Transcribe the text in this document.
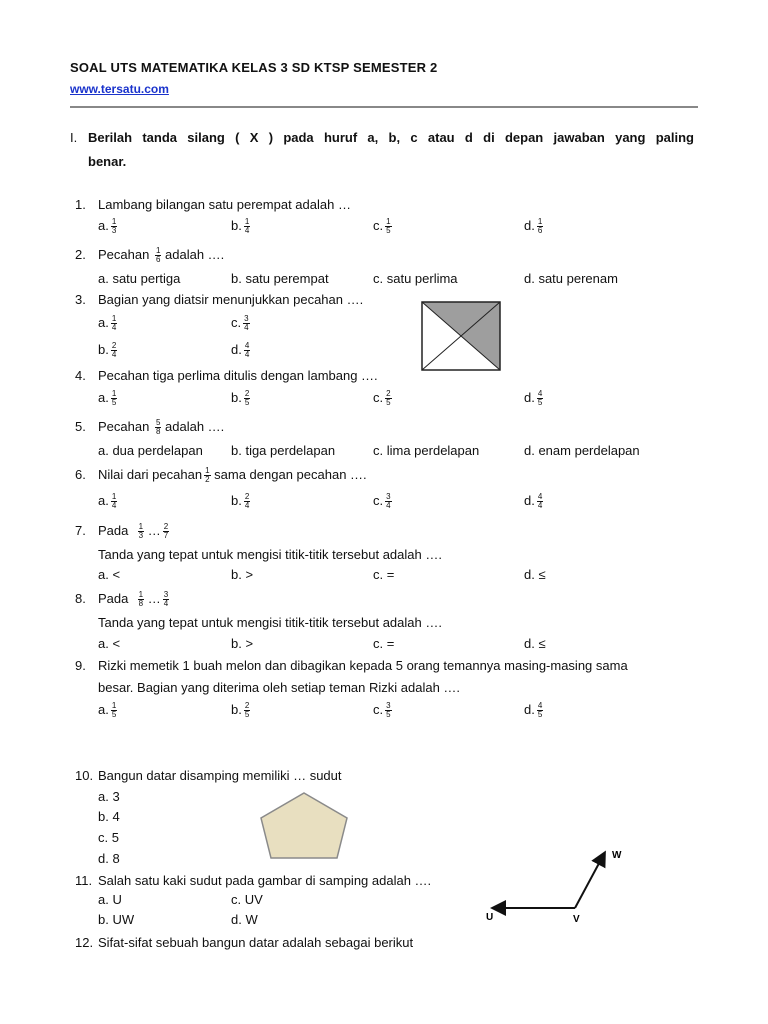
SOAL UTS MATEMATIKA KELAS 3 SD KTSP SEMESTER 2
www.tersatu.com
I. Berilah tanda silang ( X ) pada huruf a, b, c atau d di depan jawaban yang paling
benar.
1. Lambang bilangan satu perempat adalah …
a. $\frac{1}{3}$	b. $\frac{1}{4}$	c. $\frac{1}{5}$	d. $\frac{1}{6}$
2. Pecahan $\frac{1}{6}$ adalah ….
a. satu pertiga	b. satu perempat	c. satu perlima	d. satu perenam
3. Bagian yang diatsir menunjukkan pecahan ….
a. $\frac{1}{4}$	c. $\frac{3}{4}$
b. $\frac{2}{4}$	d. $\frac{4}{4}$
4. Pecahan tiga perlima ditulis dengan lambang ….
a. $\frac{1}{5}$	b. $\frac{2}{5}$	c. $\frac{2}{5}$	d. $\frac{4}{5}$
5. Pecahan $\frac{5}{8}$ adalah ….
a. dua perdelapan b. tiga perdelapan	c. lima perdelapan	d. enam perdelapan
6. Nilai dari pecahan $\frac{1}{2}$ sama dengan pecahan ….
a. $\frac{1}{4}$	b. $\frac{2}{4}$	c. $\frac{3}{4}$	d. $\frac{4}{4}$
7. Pada $\frac{1}{3}$ … $\frac{2}{7}$
Tanda yang tepat untuk mengisi titik-titik tersebut adalah ….
a. <	b. >	c. =	d. ≤
8. Pada $\frac{1}{8}$ … $\frac{3}{4}$
Tanda yang tepat untuk mengisi titik-titik tersebut adalah ….
a. <	b. >	c. =	d. ≤
9. Rizki memetik 1 buah melon dan dibagikan kepada 5 orang temannya masing-masing sama
besar. Bagian yang diterima oleh setiap teman Rizki adalah ….
a. $\frac{1}{5}$	b. $\frac{2}{5}$	c. $\frac{3}{5}$	d. $\frac{4}{5}$
10. Bangun datar disamping memiliki … sudut
a. 3
b. 4
c. 5
d. 8
11. Salah satu kaki sudut pada gambar di samping adalah ….
a. U	c. UV
b. UW	d. W
W
U	V
12. Sifat-sifat sebuah bangun datar adalah sebagai berikut
